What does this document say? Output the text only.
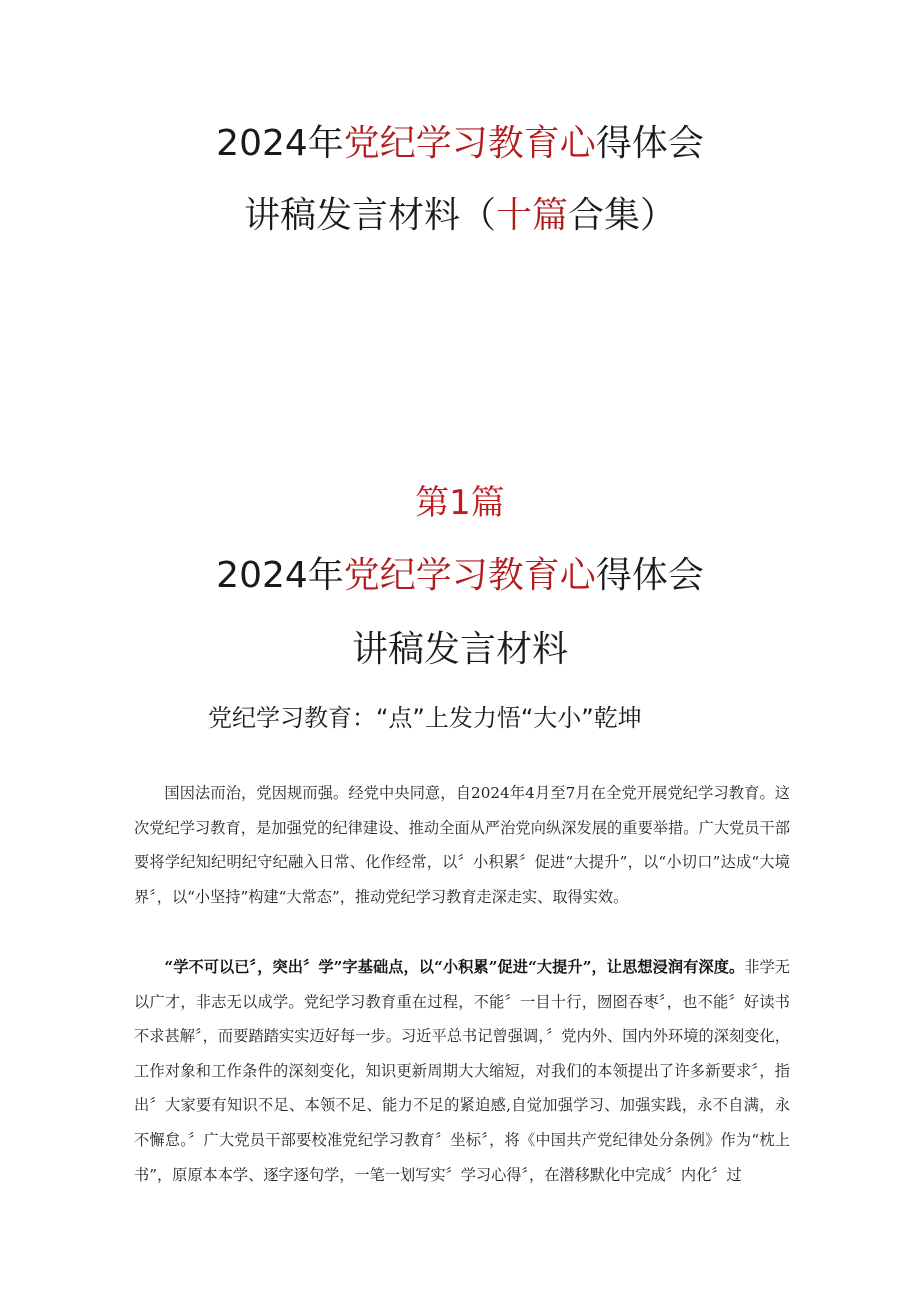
2024年党纪学习教育心得体会
讲稿发言材料（十篇合集）
第1篇
2024年党纪学习教育心得体会
讲稿发言材料
党纪学习教育：“点”上发力悟“大小”乾坤

国因法而治，党因规而强。经党中央同意，自2024年4月至7月在全党开展党纪学习教育。这次党纪学习教育，是加强党的纪律建设、推动全面从严治党向纵深发展的重要举措。广大党员干部要将学纪知纪明纪守纪融入日常、化作经常，以〞小积累〞促进“大提升”，以“小切口”达成“大境界〞，以“小坚持”构建“大常态”，推动党纪学习教育走深走实、取得实效。

“学不可以已〞，突出〞学”字基础点，以“小积累”促进“大提升”，让思想浸润有深度。非学无以广才，非志无以成学。党纪学习教育重在过程，不能〞一目十行，囫囵吞枣〞，也不能〞好读书不求甚解〞，而要踏踏实实迈好每一步。习近平总书记曾强调，〞党内外、国内外环境的深刻变化，工作对象和工作条件的深刻变化，知识更新周期大大缩短，对我们的本领提出了许多新要求〞，指出〞大家要有知识不足、本领不足、能力不足的紧迫感,自觉加强学习、加强实践，永不自满，永不懈怠。〞广大党员干部要校准党纪学习教育〞坐标〞，将《中国共产党纪律处分条例》作为“枕上书”，原原本本学、逐字逐句学，一笔一划写实〞学习心得〞，在潜移默化中完成〞内化〞过
